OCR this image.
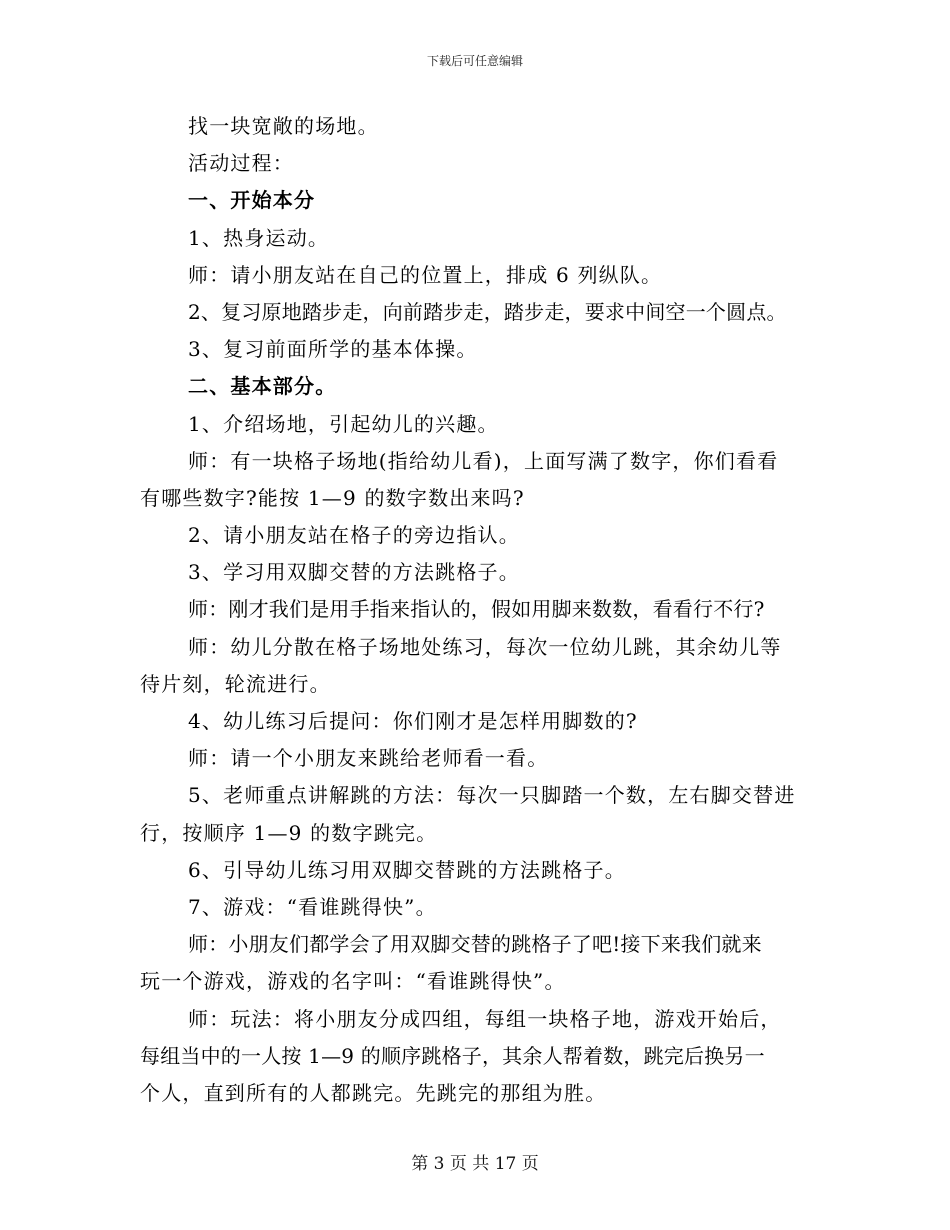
下载后可任意编辑
找一块宽敞的场地。
活动过程：
一、开始本分
1、热身运动。
师：请小朋友站在自己的位置上，排成 6 列纵队。
2、复习原地踏步走，向前踏步走，踏步走，要求中间空一个圆点。
3、复习前面所学的基本体操。
二、基本部分。
1、介绍场地，引起幼儿的兴趣。
师：有一块格子场地(指给幼儿看)，上面写满了数字，你们看看
有哪些数字?能按 1—9 的数字数出来吗?
2、请小朋友站在格子的旁边指认。
3、学习用双脚交替的方法跳格子。
师：刚才我们是用手指来指认的，假如用脚来数数，看看行不行?
师：幼儿分散在格子场地处练习，每次一位幼儿跳，其余幼儿等
待片刻，轮流进行。
4、幼儿练习后提问：你们刚才是怎样用脚数的?
师：请一个小朋友来跳给老师看一看。
5、老师重点讲解跳的方法：每次一只脚踏一个数，左右脚交替进
行，按顺序 1—9 的数字跳完。
6、引导幼儿练习用双脚交替跳的方法跳格子。
7、游戏：“看谁跳得快”。
师：小朋友们都学会了用双脚交替的跳格子了吧!接下来我们就来
玩一个游戏，游戏的名字叫：“看谁跳得快”。
师：玩法：将小朋友分成四组，每组一块格子地，游戏开始后，
每组当中的一人按 1—9 的顺序跳格子，其余人帮着数，跳完后换另一
个人，直到所有的人都跳完。先跳完的那组为胜。
第 3 页 共 17 页
